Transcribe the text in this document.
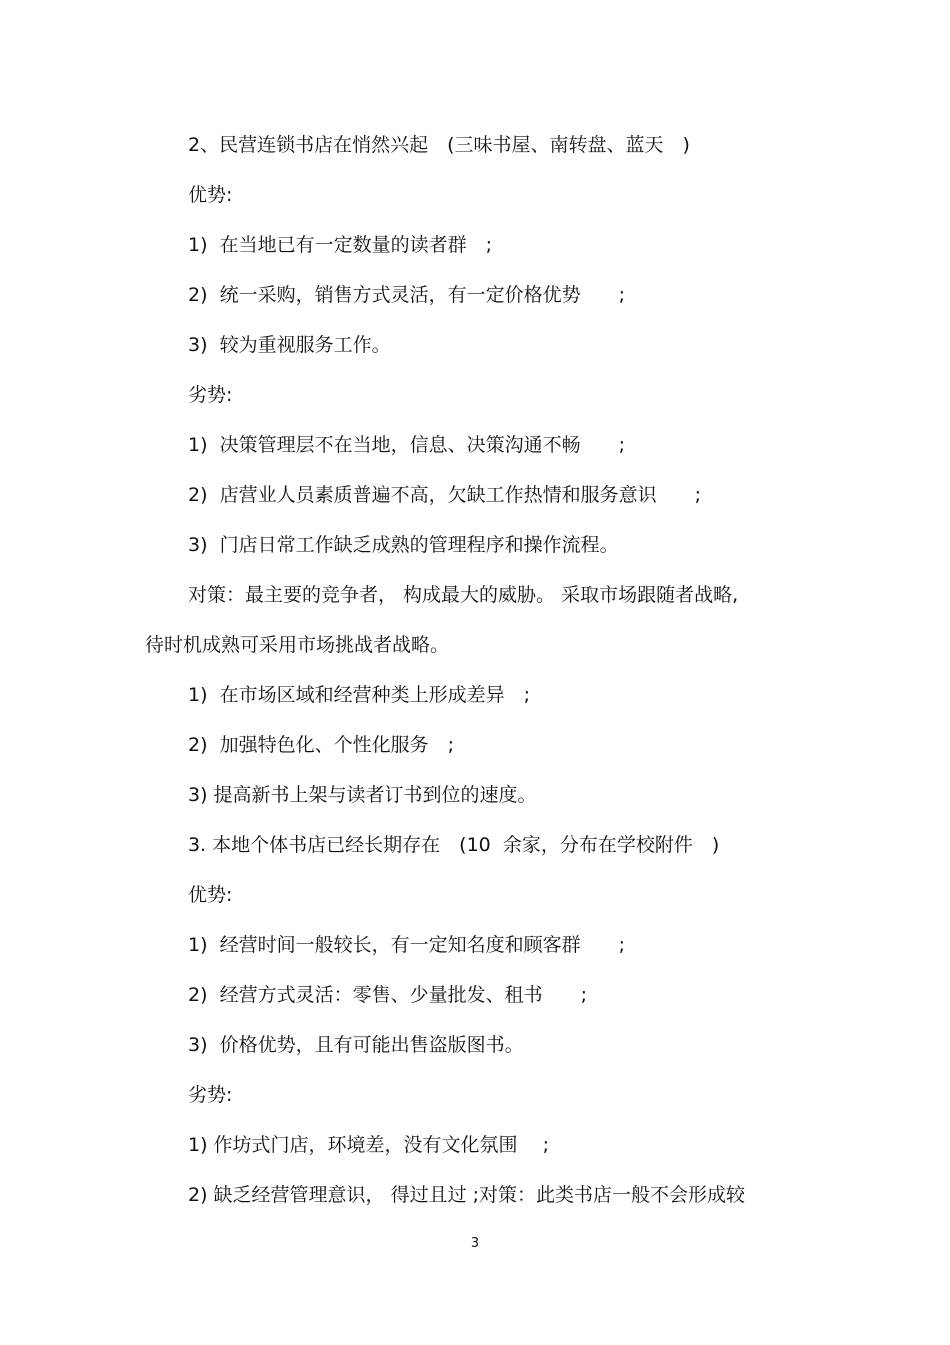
2、民营连锁书店在悄然兴起　(三味书屋、南转盘、蓝天　)
优势:
1)  在当地已有一定数量的读者群　;
2)  统一采购，销售方式灵活，有一定价格优势　　;
3)  较为重视服务工作。
劣势:
1)  决策管理层不在当地，信息、决策沟通不畅　　;
2)  店营业人员素质普遍不高，欠缺工作热情和服务意识　　;
3)  门店日常工作缺乏成熟的管理程序和操作流程。
对策：最主要的竞争者， 构成最大的威胁。 采取市场跟随者战略,
待时机成熟可采用市场挑战者战略。
1)  在市场区域和经营种类上形成差异　;
2)  加强特色化、个性化服务　;
3) 提高新书上架与读者订书到位的速度。
3. 本地个体书店已经长期存在　(10  余家，分布在学校附件　)
优势:
1)  经营时间一般较长，有一定知名度和顾客群　　;
2)  经营方式灵活：零售、少量批发、租书　　;
3)  价格优势，且有可能出售盗版图书。
劣势:
1) 作坊式门店，环境差，没有文化氛围　 ;
2) 缺乏经营管理意识， 得过且过 ;对策：此类书店一般不会形成较
3
